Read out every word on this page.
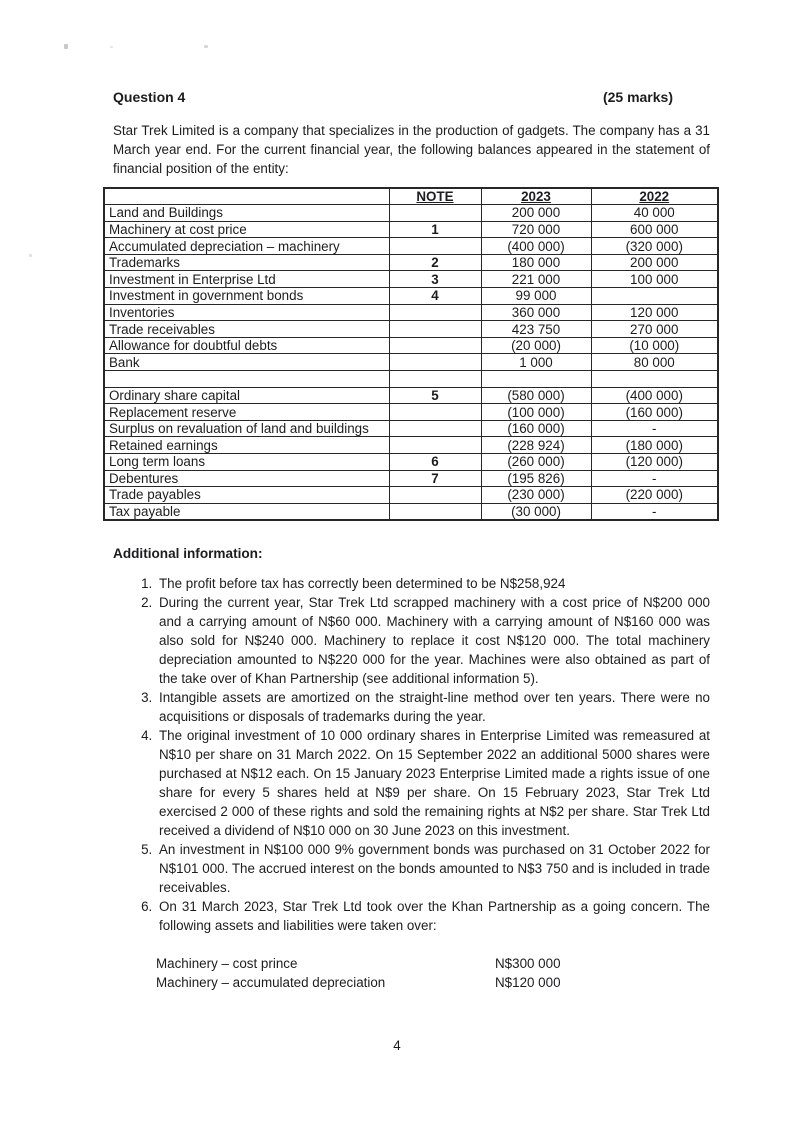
Question 4	(25 marks)

Star Trek Limited is a company that specializes in the production of gadgets. The company has a 31 March year end. For the current financial year, the following balances appeared in the statement of financial position of the entity:

	NOTE	2023	2022
Land and Buildings		200 000	40 000
Machinery at cost price	1	720 000	600 000
Accumulated depreciation – machinery		(400 000)	(320 000)
Trademarks	2	180 000	200 000
Investment in Enterprise Ltd	3	221 000	100 000
Investment in government bonds	4	99 000	
Inventories		360 000	120 000
Trade receivables		423 750	270 000
Allowance for doubtful debts		(20 000)	(10 000)
Bank		1 000	80 000

Ordinary share capital	5	(580 000)	(400 000)
Replacement reserve		(100 000)	(160 000)
Surplus on revaluation of land and buildings		(160 000)	-
Retained earnings		(228 924)	(180 000)
Long term loans	6	(260 000)	(120 000)
Debentures	7	(195 826)	-
Trade payables		(230 000)	(220 000)
Tax payable		(30 000)	-
Additional information:
1. The profit before tax has correctly been determined to be N$258,924
2. During the current year, Star Trek Ltd scrapped machinery with a cost price of N$200 000 and a carrying amount of N$60 000. Machinery with a carrying amount of N$160 000 was also sold for N$240 000. Machinery to replace it cost N$120 000. The total machinery depreciation amounted to N$220 000 for the year. Machines were also obtained as part of the take over of Khan Partnership (see additional information 5).
3. Intangible assets are amortized on the straight-line method over ten years. There were no acquisitions or disposals of trademarks during the year.
4. The original investment of 10 000 ordinary shares in Enterprise Limited was remeasured at N$10 per share on 31 March 2022. On 15 September 2022 an additional 5000 shares were purchased at N$12 each. On 15 January 2023 Enterprise Limited made a rights issue of one share for every 5 shares held at N$9 per share. On 15 February 2023, Star Trek Ltd exercised 2 000 of these rights and sold the remaining rights at N$2 per share. Star Trek Ltd received a dividend of N$10 000 on 30 June 2023 on this investment.
5. An investment in N$100 000 9% government bonds was purchased on 31 October 2022 for N$101 000. The accrued interest on the bonds amounted to N$3 750 and is included in trade receivables.
6. On 31 March 2023, Star Trek Ltd took over the Khan Partnership as a going concern. The following assets and liabilities were taken over:
Machinery – cost prince	N$300 000
Machinery – accumulated depreciation	N$120 000
4
